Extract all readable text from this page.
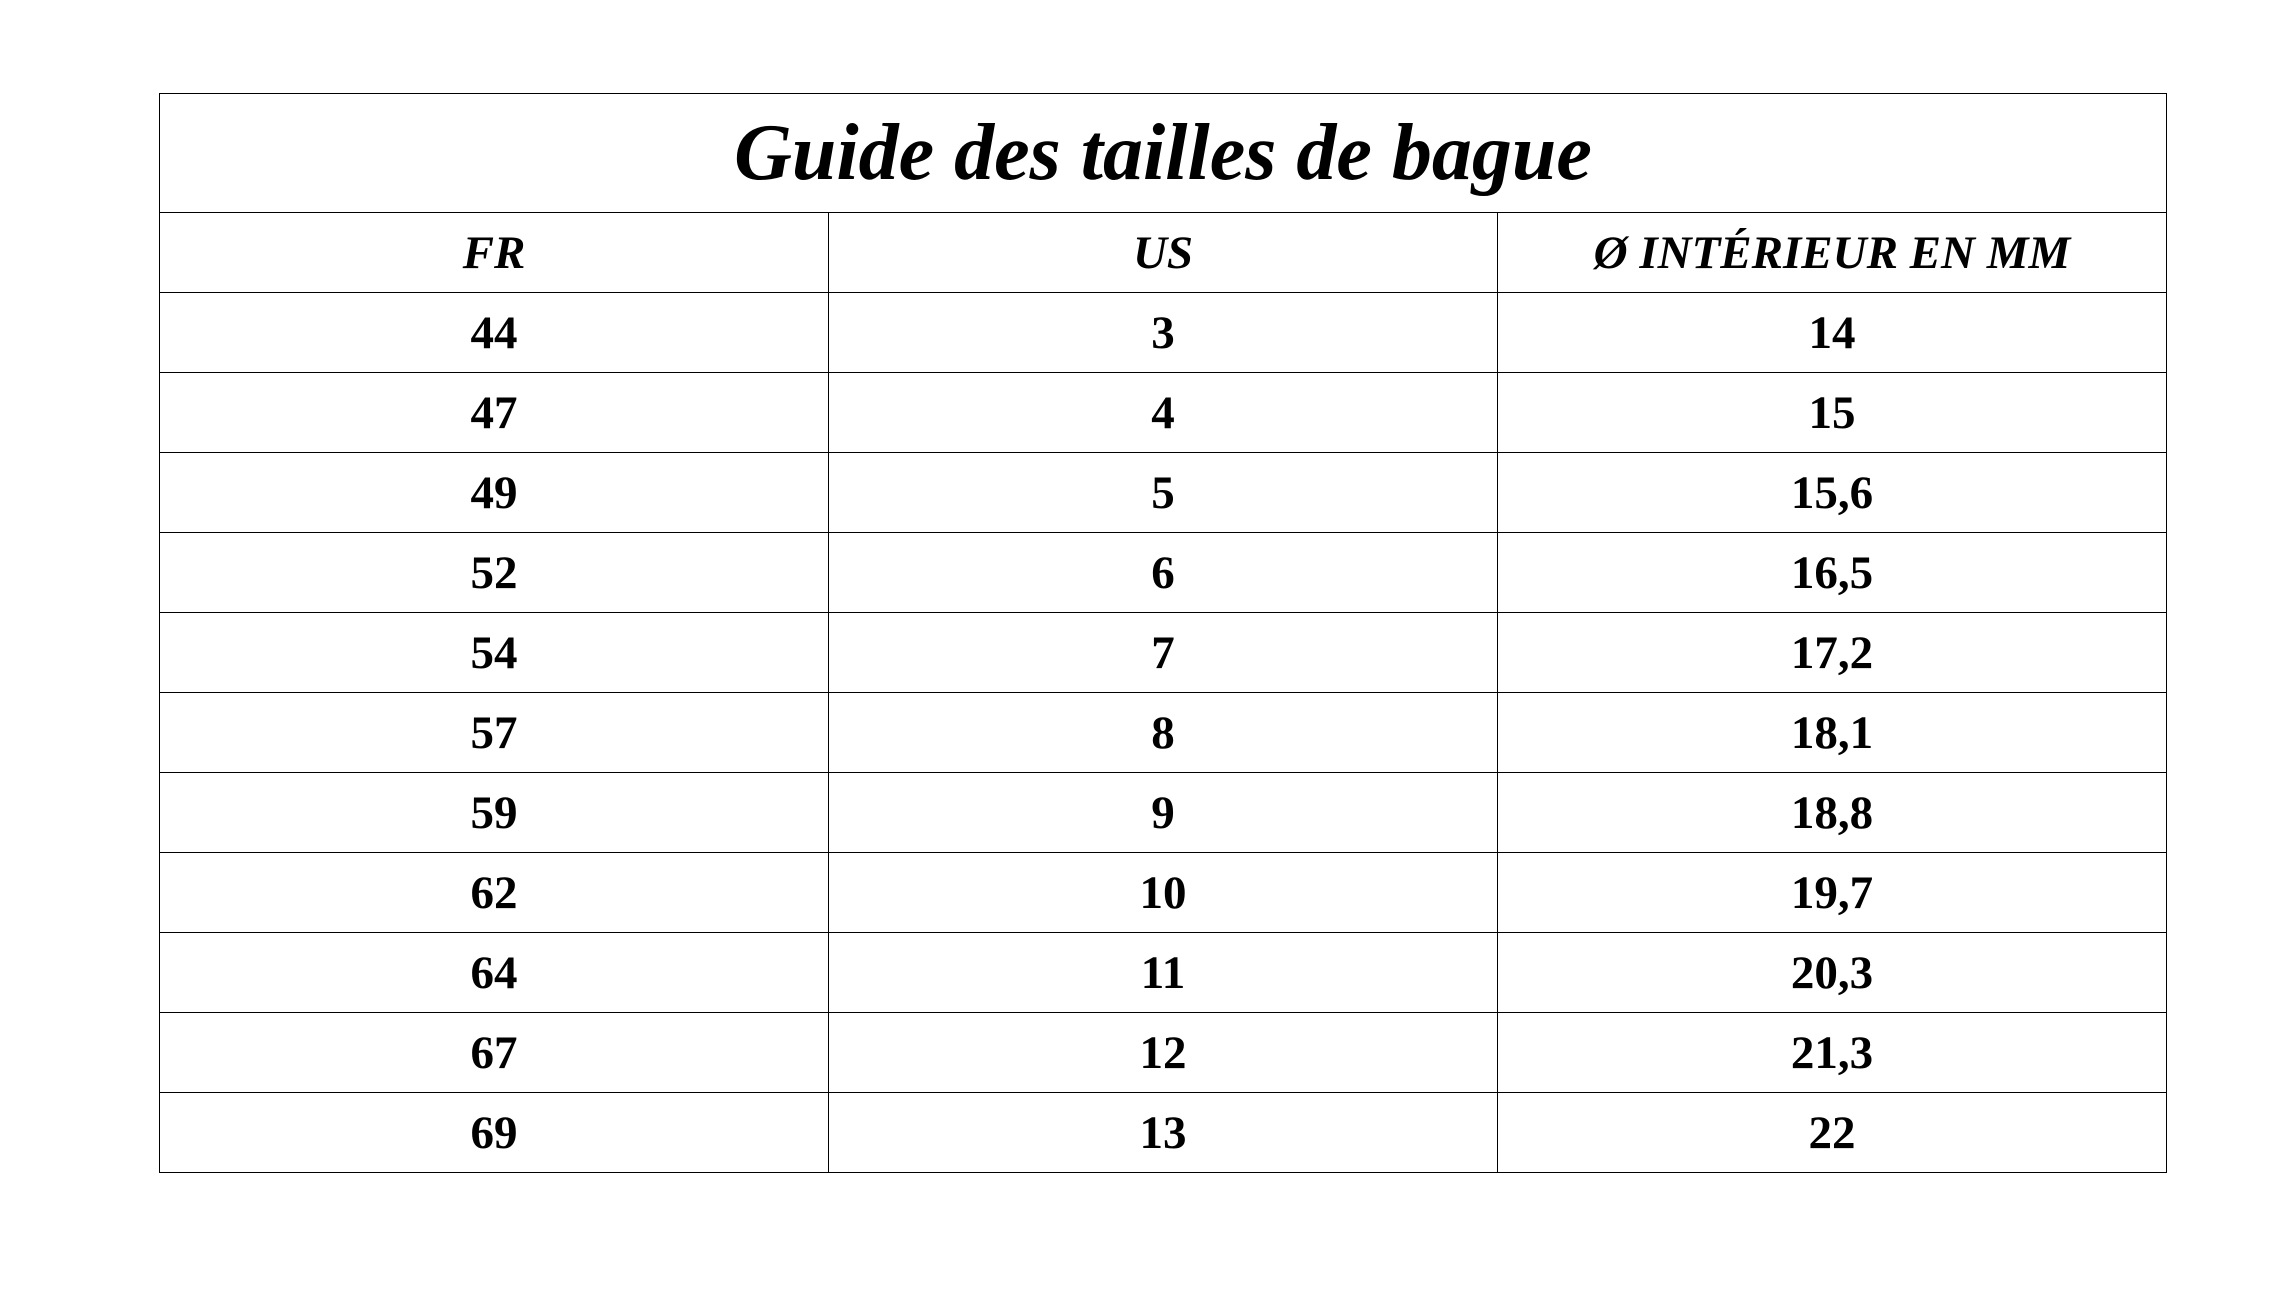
Guide des tailles de bague		
FR	US	Ø INTÉRIEUR EN MM
44	3	14
47	4	15
49	5	15,6
52	6	16,5
54	7	17,2
57	8	18,1
59	9	18,8
62	10	19,7
64	11	20,3
67	12	21,3
69	13	22
